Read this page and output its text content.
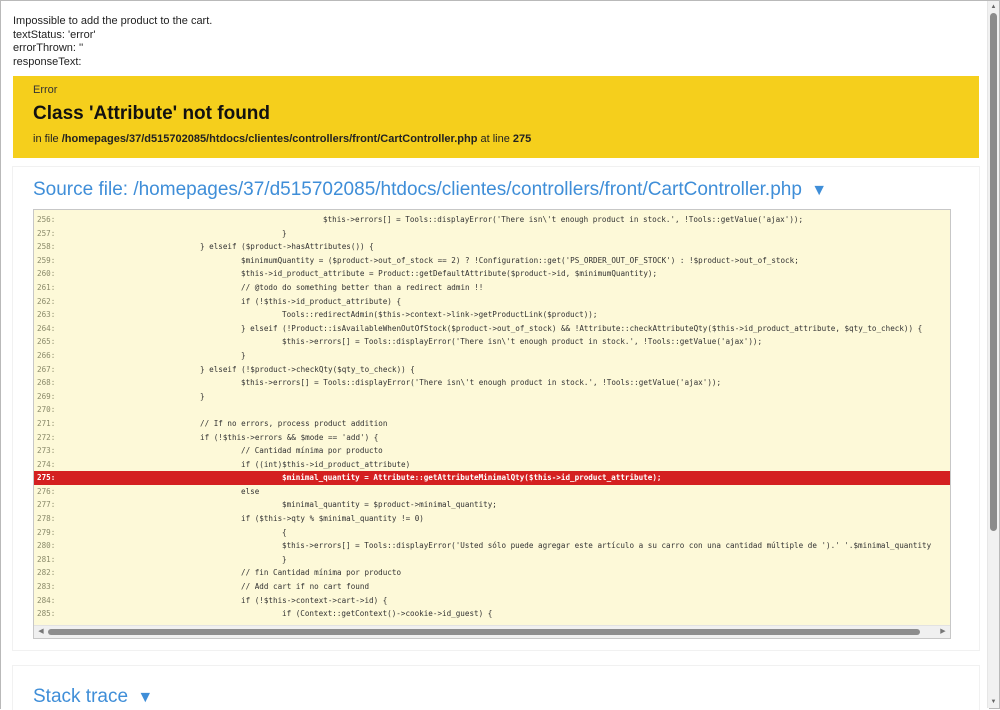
Impossible to add the product to the cart.
textStatus: 'error'
errorThrown: ''
responseText:
Error
Class 'Attribute' not found
in file /homepages/37/d515702085/htdocs/clientes/controllers/front/CartController.php at line 275
Source file: /homepages/37/d515702085/htdocs/clientes/controllers/front/CartController.php ▼
256:	$this->errors[] = Tools::displayError('There isn\'t enough product in stock.', !Tools::getValue('ajax'));
257:	}
258:	} elseif ($product->hasAttributes()) {
259:	$minimumQuantity = ($product->out_of_stock == 2) ? !Configuration::get('PS_ORDER_OUT_OF_STOCK') : !$product->out_of_stock;
260:	$this->id_product_attribute = Product::getDefaultAttribute($product->id, $minimumQuantity);
261:	// @todo do something better than a redirect admin !!
262:	if (!$this->id_product_attribute) {
263:	Tools::redirectAdmin($this->context->link->getProductLink($product));
264:	} elseif (!Product::isAvailableWhenOutOfStock($product->out_of_stock) && !Attribute::checkAttributeQty($this->id_product_attribute, $qty_to_check)) {
265:	$this->errors[] = Tools::displayError('There isn\'t enough product in stock.', !Tools::getValue('ajax'));
266:	}
267:	} elseif (!$product->checkQty($qty_to_check)) {
268:	$this->errors[] = Tools::displayError('There isn\'t enough product in stock.', !Tools::getValue('ajax'));
269:	}
270:
271:	// If no errors, process product addition
272:	if (!$this->errors && $mode == 'add') {
273:	// Cantidad mínima por producto
274:	if ((int)$this->id_product_attribute)
275:	$minimal_quantity = Attribute::getAttributeMinimalQty($this->id_product_attribute);
276:	else
277:	$minimal_quantity = $product->minimal_quantity;
278:	if ($this->qty % $minimal_quantity != 0)
279:	{
280:	$this->errors[] = Tools::displayError('Usted sólo puede agregar este artículo a su carro con una cantidad múltiple de ').' '.$minimal_quantity
281:	}
282:	// fin Cantidad mínima por producto
283:	// Add cart if no cart found
284:	if (!$this->context->cart->id) {
285:	if (Context::getContext()->cookie->id_guest) {
◀	▶
Stack trace ▼
▲
▼
